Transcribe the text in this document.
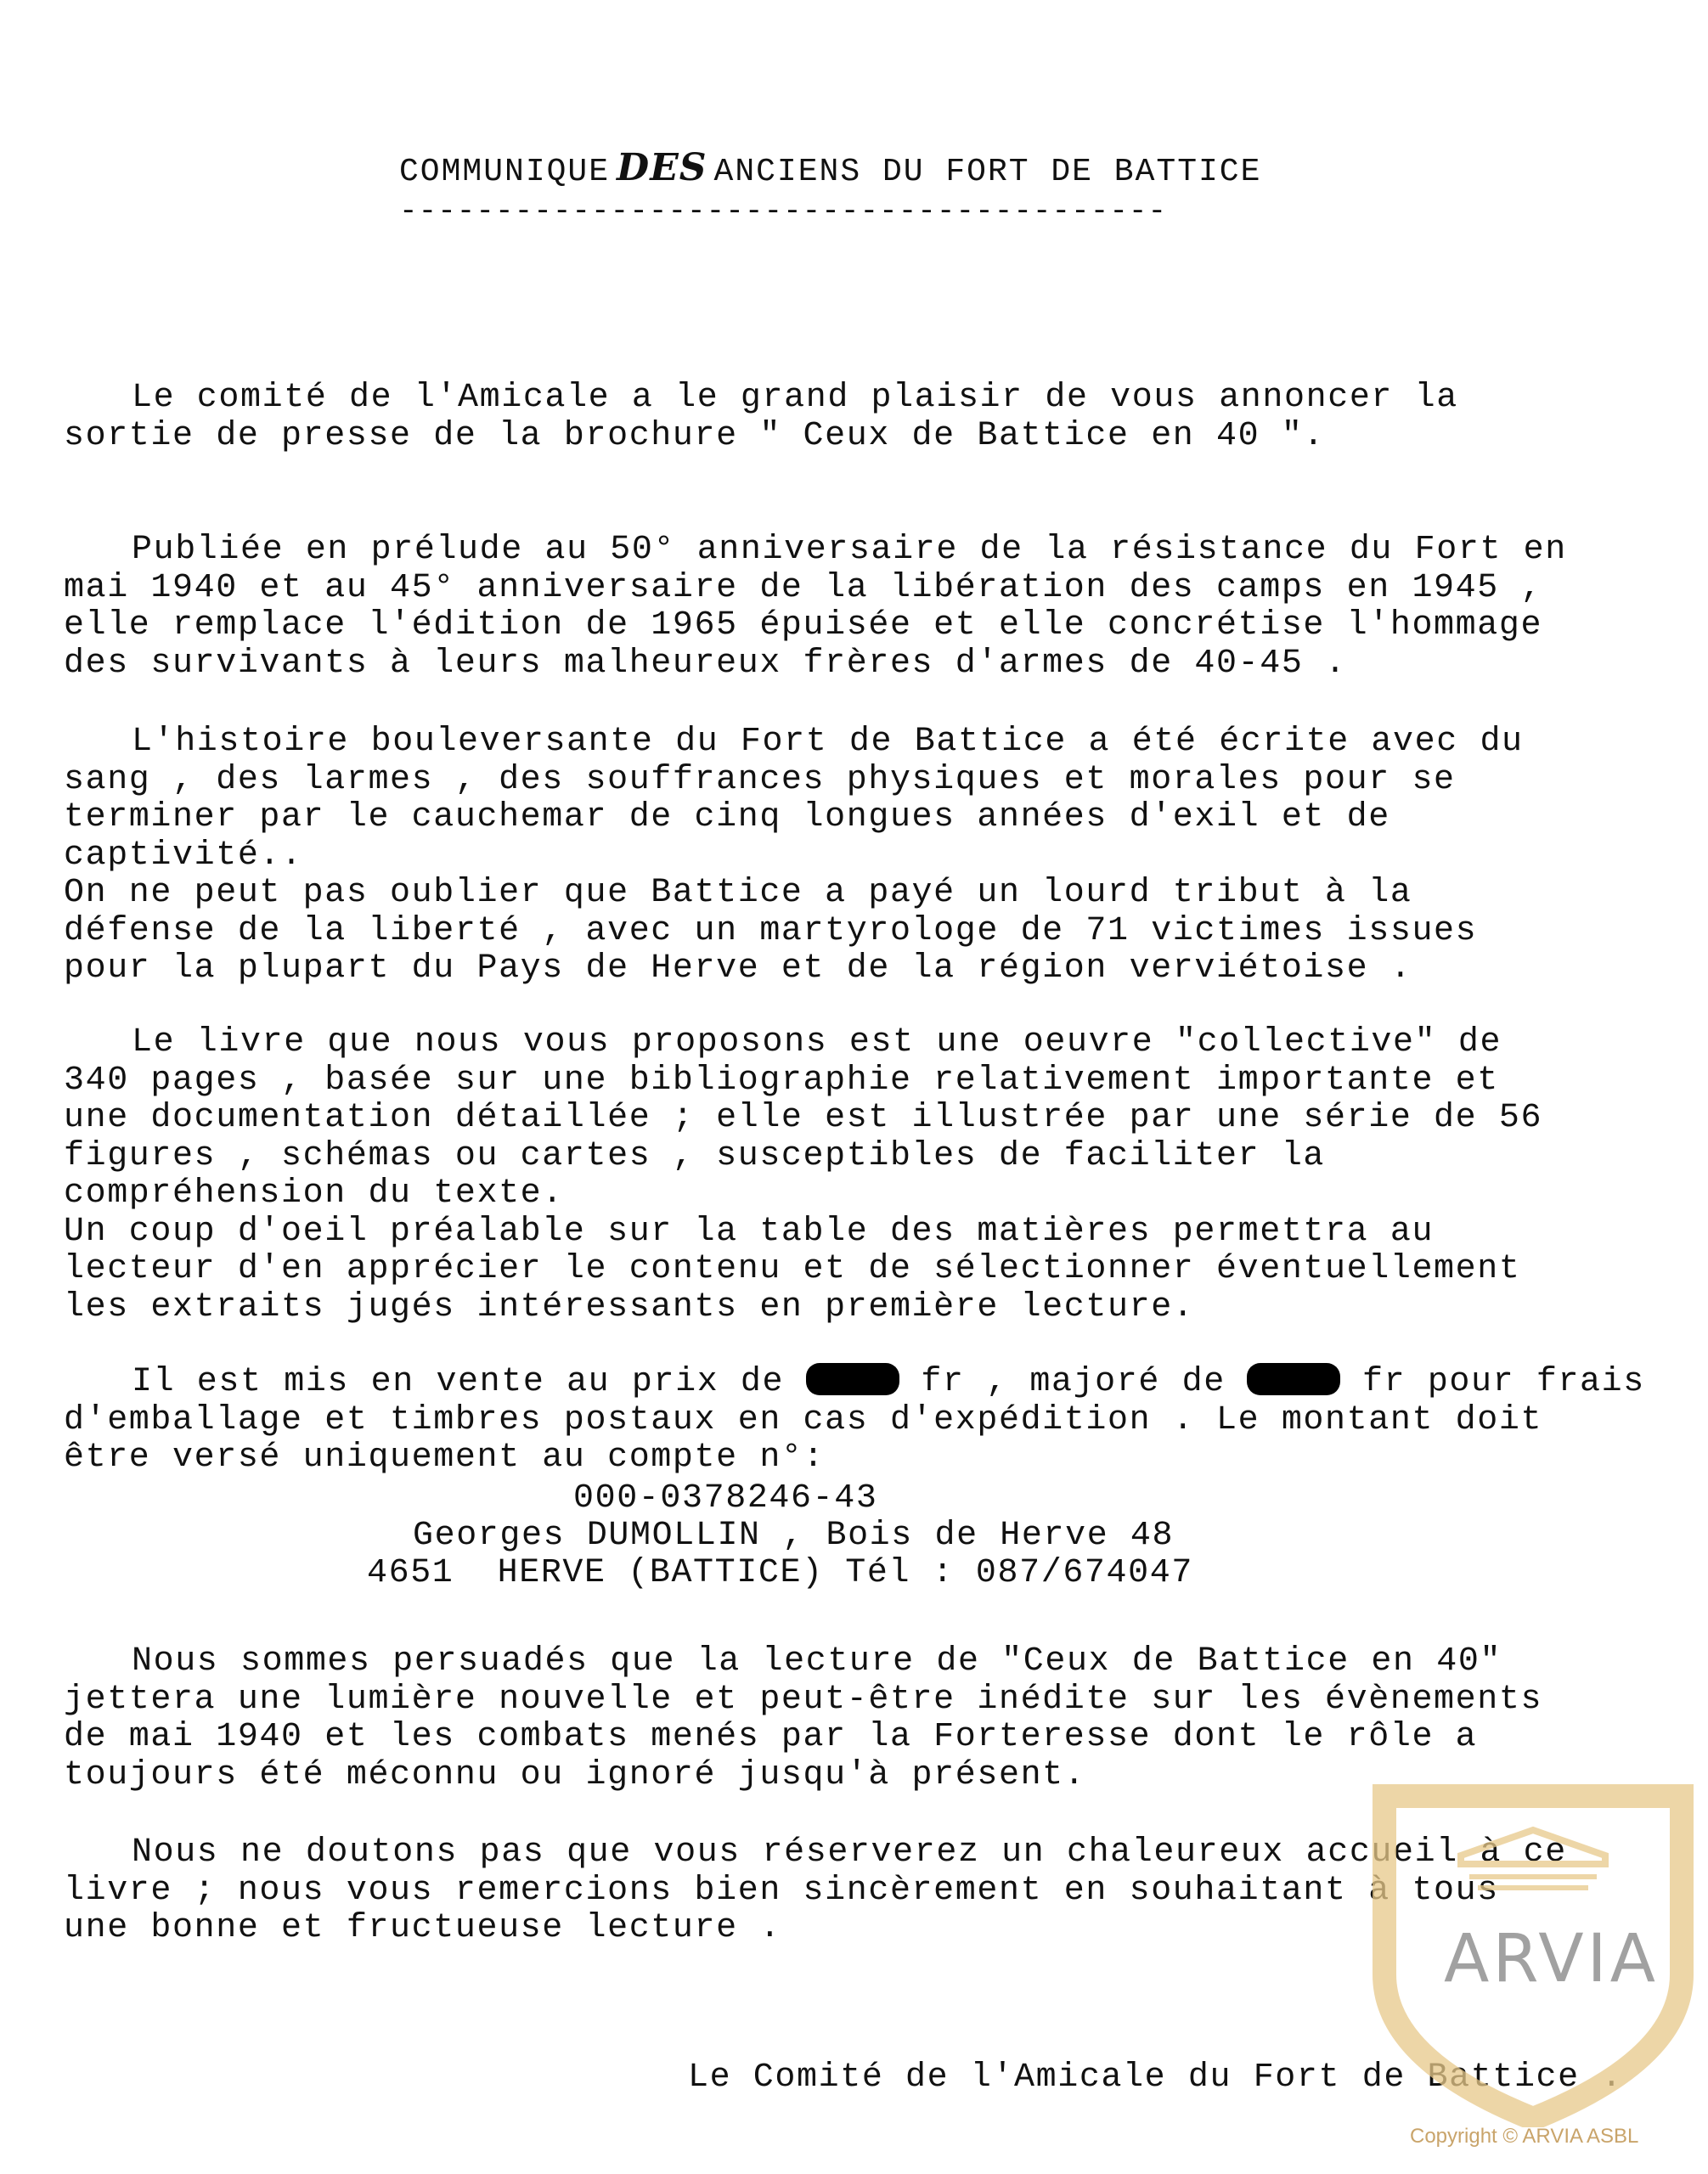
COMMUNIQUE DES ANCIENS DU FORT DE BATTICE
----------------------------------------
Le comité de l'Amicale a le grand plaisir de vous annoncer la
sortie de presse de la brochure " Ceux de Battice en 40 ".
Publiée en prélude au 50° anniversaire de la résistance du Fort en
mai 1940 et au 45° anniversaire de la libération des camps en 1945 ,
elle remplace l'édition de 1965 épuisée et elle concrétise l'hommage
des survivants à leurs malheureux frères d'armes de 40-45 .
L'histoire bouleversante du Fort de Battice a été écrite avec du
sang , des larmes , des souffrances physiques et morales pour se
terminer par le cauchemar de cinq longues années d'exil et de
captivité..
On ne peut pas oublier que Battice a payé un lourd tribut à la
défense de la liberté , avec un martyrologe de 71 victimes issues
pour la plupart du Pays de Herve et de la région verviétoise .
Le livre que nous vous proposons est une oeuvre "collective" de
340 pages , basée sur une bibliographie relativement importante et
une documentation détaillée ; elle est illustrée par une série de 56
figures , schémas ou cartes , susceptibles de faciliter la
compréhension du texte.
Un coup d'oeil préalable sur la table des matières permettra au
lecteur d'en apprécier le contenu et de sélectionner éventuellement
les extraits jugés intéressants en première lecture.
Il est mis en vente au prix de	fr , majoré de	fr pour frais
d'emballage et timbres postaux en cas d'expédition . Le montant doit
être versé uniquement au compte n°:
000-0378246-43
Georges DUMOLLIN , Bois de Herve 48
4651  HERVE (BATTICE) Tél : 087/674047
Nous sommes persuadés que la lecture de "Ceux de Battice en 40"
jettera une lumière nouvelle et peut-être inédite sur les évènements
de mai 1940 et les combats menés par la Forteresse dont le rôle a
toujours été méconnu ou ignoré jusqu'à présent.
Nous ne doutons pas que vous réserverez un chaleureux accueil à ce
livre ; nous vous remercions bien sincèrement en souhaitant à tous
une bonne et fructueuse lecture .
Le Comité de l'Amicale du Fort de Battice .
ARVIA
Copyright © ARVIA ASBL
